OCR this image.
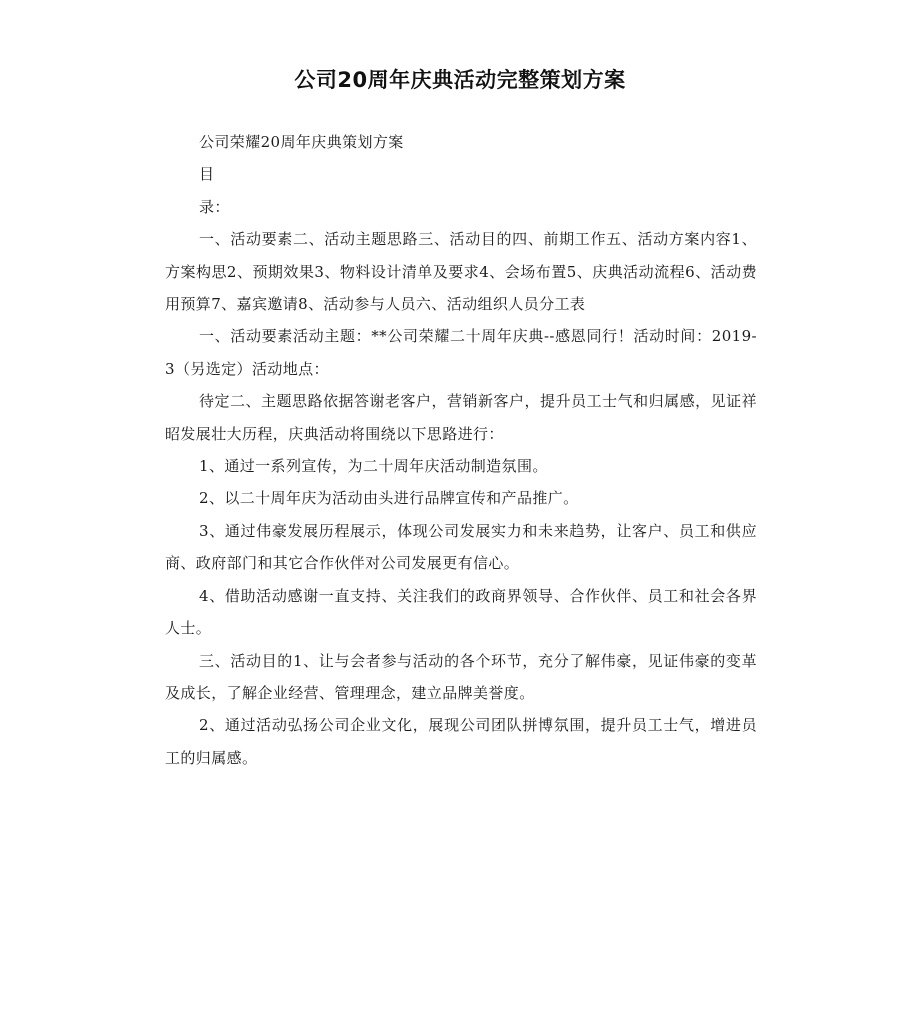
公司20周年庆典活动完整策划方案

公司荣耀20周年庆典策划方案

目

录：

一、活动要素二、活动主题思路三、活动目的四、前期工作五、活动方案内容1、方案构思2、预期效果3、物料设计清单及要求4、会场布置5、庆典活动流程6、活动费用预算7、嘉宾邀请8、活动参与人员六、活动组织人员分工表

一、活动要素活动主题：**公司荣耀二十周年庆典--感恩同行！活动时间：2019-3（另选定）活动地点：

待定二、主题思路依据答谢老客户，营销新客户，提升员工士气和归属感，见证祥昭发展壮大历程，庆典活动将围绕以下思路进行：

1、通过一系列宣传，为二十周年庆活动制造氛围。

2、以二十周年庆为活动由头进行品牌宣传和产品推广。

3、通过伟豪发展历程展示，体现公司发展实力和未来趋势，让客户、员工和供应商、政府部门和其它合作伙伴对公司发展更有信心。

4、借助活动感谢一直支持、关注我们的政商界领导、合作伙伴、员工和社会各界人士。

三、活动目的1、让与会者参与活动的各个环节，充分了解伟豪，见证伟豪的变革及成长，了解企业经营、管理理念，建立品牌美誉度。

2、通过活动弘扬公司企业文化，展现公司团队拼博氛围，提升员工士气，增进员工的归属感。
